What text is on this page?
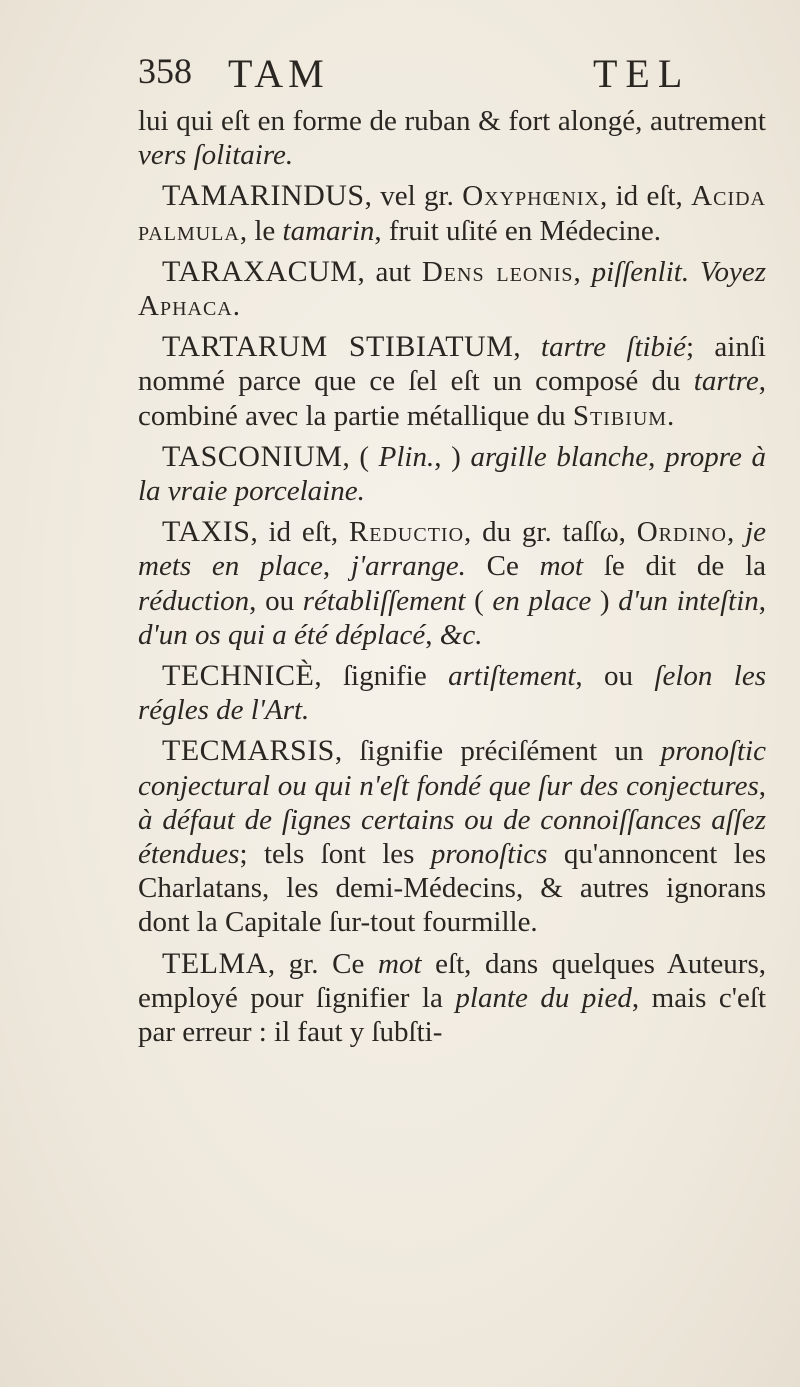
358 TAM	TEL

lui qui eſt en forme de ruban & fort alongé, autrement vers ſolitaire.

TAMARINDUS, vel gr. Oxyphœnix, id eſt, Acida palmula, le tamarin, fruit uſité en Médecine.

TARAXACUM, aut Dens leonis, piſſenlit. Voyez Aphaca.

TARTARUM STIBIATUM, tartre ſtibié; ainſi nommé parce que ce ſel eſt un composé du tartre, combiné avec la partie métallique du Stibium.

TASCONIUM, ( Plin., ) argille blanche, propre à la vraie porcelaine.

TAXIS, id eſt, Reductio, du gr. taſſω, Ordino, je mets en place, j'arrange. Ce mot ſe dit de la réduction, ou rétabliſſement ( en place ) d'un inteſtin, d'un os qui a été déplacé, &c.

TECHNICÈ, ſignifie artiſtement, ou ſelon les régles de l'Art.

TECMARSIS, ſignifie préciſément un pronoſtic conjectural ou qui n'eſt fondé que ſur des conjectures, à défaut de ſignes certains ou de connoiſſances aſſez étendues; tels ſont les pronoſtics qu'annoncent les Charlatans, les demi-Médecins, & autres ignorans dont la Capitale ſur-tout fourmille.

TELMA, gr. Ce mot eſt, dans quelques Auteurs, employé pour ſignifier la plante du pied, mais c'eſt par erreur : il faut y ſubſti-
